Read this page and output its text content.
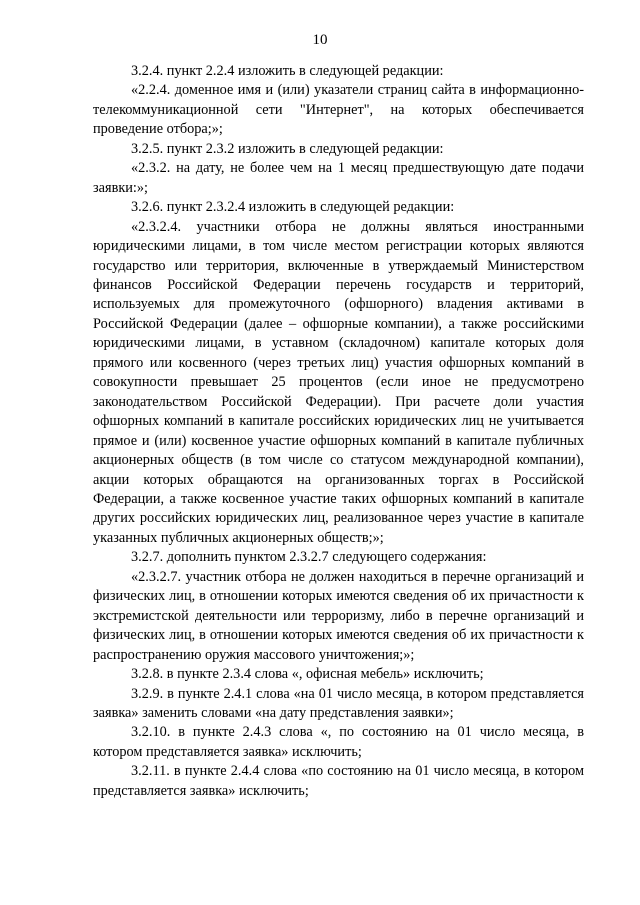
10

3.2.4. пункт 2.2.4 изложить в следующей редакции:

«2.2.4. доменное имя и (или) указатели страниц сайта в информационно-телекоммуникационной сети "Интернет", на которых обеспечивается проведение отбора;»;

3.2.5. пункт 2.3.2 изложить в следующей редакции:

«2.3.2. на дату, не более чем на 1 месяц предшествующую дате подачи заявки:»;

3.2.6. пункт 2.3.2.4 изложить в следующей редакции:

«2.3.2.4. участники отбора не должны являться иностранными юридическими лицами, в том числе местом регистрации которых являются государство или территория, включенные в утверждаемый Министерством финансов Российской Федерации перечень государств и территорий, используемых для промежуточного (офшорного) владения активами в Российской Федерации (далее – офшорные компании), а также российскими юридическими лицами, в уставном (складочном) капитале которых доля прямого или косвенного (через третьих лиц) участия офшорных компаний в совокупности превышает 25 процентов (если иное не предусмотрено законодательством Российской Федерации). При расчете доли участия офшорных компаний в капитале российских юридических лиц не учитывается прямое и (или) косвенное участие офшорных компаний в капитале публичных акционерных обществ (в том числе со статусом международной компании), акции которых обращаются на организованных торгах в Российской Федерации, а также косвенное участие таких офшорных компаний в капитале других российских юридических лиц, реализованное через участие в капитале указанных публичных акционерных обществ;»;

3.2.7. дополнить пунктом 2.3.2.7 следующего содержания:

«2.3.2.7. участник отбора не должен находиться в перечне организаций и физических лиц, в отношении которых имеются сведения об их причастности к экстремистской деятельности или терроризму, либо в перечне организаций и физических лиц, в отношении которых имеются сведения об их причастности к распространению оружия массового уничтожения;»;

3.2.8. в пункте 2.3.4 слова «, офисная мебель» исключить;

3.2.9. в пункте 2.4.1 слова «на 01 число месяца, в котором представляется заявка» заменить словами «на дату представления заявки»;

3.2.10. в пункте 2.4.3 слова «, по состоянию на 01 число месяца, в котором представляется заявка» исключить;

3.2.11. в пункте 2.4.4 слова «по состоянию на 01 число месяца, в котором представляется заявка» исключить;
